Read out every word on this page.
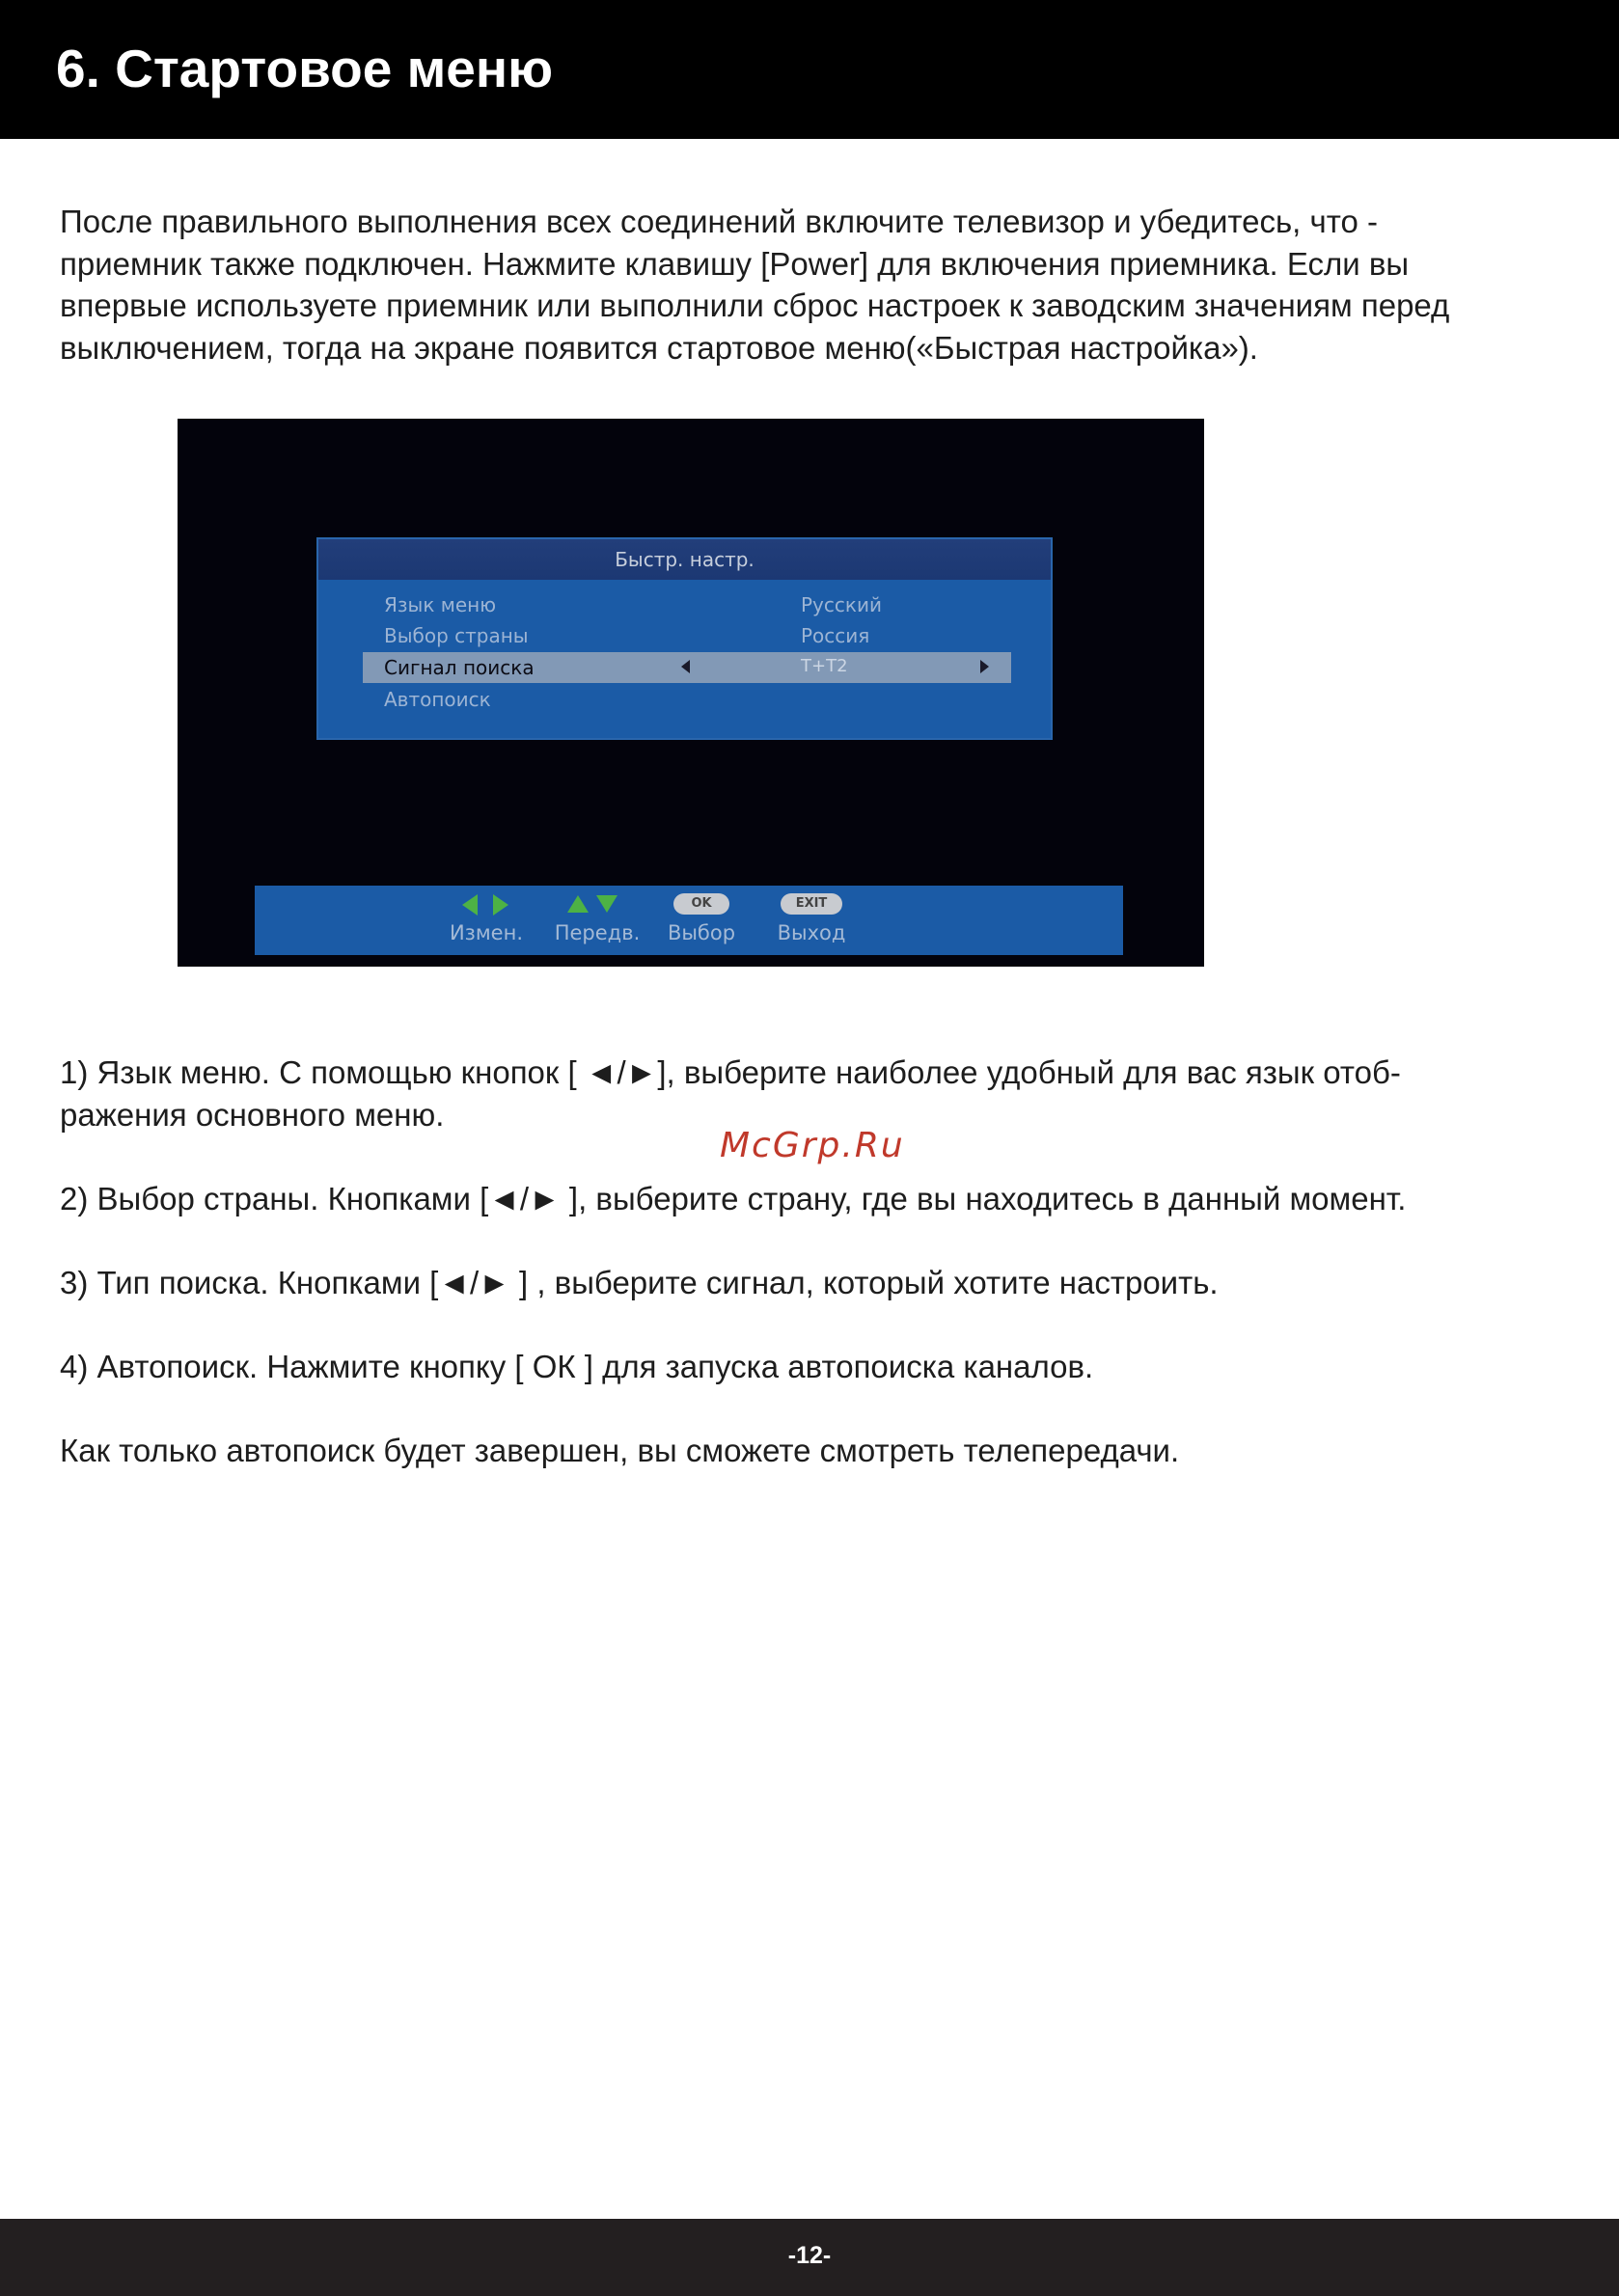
6. Стартовое меню

После правильного выполнения всех соединений включите телевизор и убедитесь, что -

приемник также подключен. Нажмите клавишу [Power] для включения приемника. Если вы

впервые используете приемник или выполнили сброс настроек к заводским значениям перед

выключением, тогда на экране появится стартовое меню(«Быстрая настройка»).

Быстр. настр.
Язык меню	Русский
Выбор страны	Россия
Сигнал поиска	T+T2
Автопоиск
Измен.	Передв.
OK
Выбор
EXIT
Выход

1) Язык меню. С помощью кнопок [ ◄/►], выберите наиболее удобный для вас язык отоб-

ражения основного меню.

2) Выбор страны. Кнопками [◄/► ], выберите страну, где вы находитесь в данный момент.

3) Тип поиска. Кнопками [◄/► ] , выберите сигнал, который хотите настроить.

4) Автопоиск. Нажмите кнопку [ ОК ] для запуска автопоиска каналов.

Как только автопоиск будет завершен, вы сможете смотреть телепередачи.

McGrp.Ru
-12-
